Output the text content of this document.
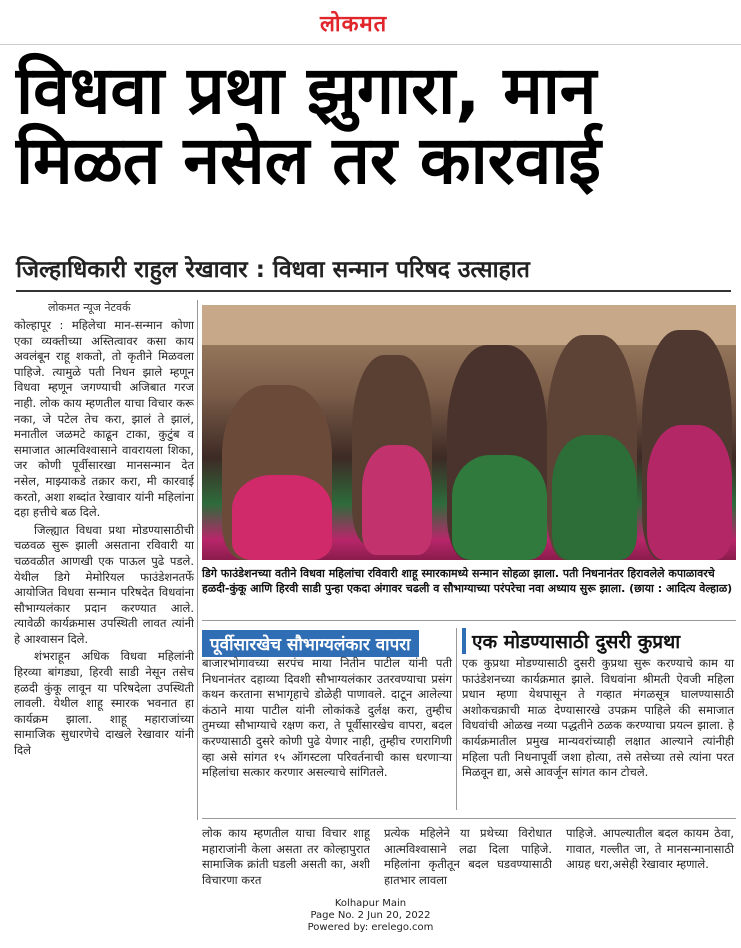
लोकमत
विधवा प्रथा झुगारा, मान मिळत नसेल तर कारवाई
जिल्हाधिकारी राहुल रेखावार : विधवा सन्मान परिषद उत्साहात
लोकमत न्यूज नेटवर्क

कोल्हापूर : महिलेचा मान-सन्मान कोणा एका व्यक्तीच्या अस्तित्वावर कसा काय अवलंबून राहू शकतो, तो कृतीने मिळवला पाहिजे. त्यामुळे पती निधन झाले म्हणून विधवा म्हणून जगण्याची अजिबात गरज नाही. लोक काय म्हणतील याचा विचार करू नका, जे पटेल तेच करा, झालं ते झालं, मनातील जळमटे काढून टाका, कुटुंब व समाजात आत्मविश्वासाने वावरायला शिका, जर कोणी पूर्वीसारखा मानसन्मान देत नसेल, माझ्याकडे तक्रार करा, मी कारवाई करतो, अशा शब्दांत रेखावार यांनी महिलांना दहा हत्तीचे बळ दिले.

जिल्ह्यात विधवा प्रथा मोडण्यासाठीची चळवळ सुरू झाली असताना रविवारी या चळवळीत आणखी एक पाऊल पुढे पडले. येथील डिगे मेमोरियल फाउंडेशनतर्फे आयोजित विधवा सन्मान परिषदेत विधवांना सौभाग्यलंकार प्रदान करण्यात आले. त्यावेळी कार्यक्रमास उपस्थिती लावत त्यांनी हे आश्वासन दिले.

शंभराहून अधिक विधवा महिलांनी हिरव्या बांगड्या, हिरवी साडी नेसून तसेच हळदी कुंकू लावून या परिषदेला उपस्थिती लावली. येथील शाहू स्मारक भवनात हा कार्यक्रम झाला. शाहू महाराजांच्या सामाजिक सुधारणेचे दाखले रेखावार यांनी दिले

डिगे फाउंडेशनच्या वतीने विधवा महिलांचा रविवारी शाहू स्मारकामध्ये सन्मान सोहळा झाला. पती निधनानंतर हिरावलेले कपाळावरचे हळदी-कुंकू आणि हिरवी साडी पुन्हा एकदा अंगावर चढली व सौभाग्याच्या परंपरेचा नवा अध्याय सुरू झाला. (छाया : आदित्य वेल्हाळ)
पूर्वीसारखेच सौभाग्यलंकार वापरा
बाजारभोगावच्या सरपंच माया नितीन पाटील यांनी पती निधनानंतर दहाव्या दिवशी सौभाग्यलंकार उतरवण्याचा प्रसंग कथन करताना सभागृहाचे डोळेही पाणावले. दाटून आलेल्या कंठाने माया पाटील यांनी लोकांकडे दुर्लक्ष करा, तुम्हीच तुमच्या सौभाग्याचे रक्षण करा, ते पूर्वीसारखेच वापरा, बदल करण्यासाठी दुसरे कोणी पुढे येणार नाही, तुम्हीच रणरागिणी व्हा असे सांगत १५ ऑगस्टला परिवर्तनाची कास धरणाऱ्या महिलांचा सत्कार करणार असल्याचे सांगितले.
एक मोडण्यासाठी दुसरी कुप्रथा
एक कुप्रथा मोडण्यासाठी दुसरी कुप्रथा सुरू करण्याचे काम या फाउंडेशनच्या कार्यक्रमात झाले. विधवांना श्रीमती ऐवजी महिला प्रधान म्हणा येथपासून ते गव्हात मंगळसूत्र घालण्यासाठी अशोकचक्राची माळ देण्यासारखे उपक्रम पाहिले की समाजात विधवांची ओळख नव्या पद्धतीने ठळक करण्याचा प्रयत्न झाला. हे कार्यक्रमातील प्रमुख मान्यवरांच्याही लक्षात आल्याने त्यांनीही महिला पती निधनापूर्वी जशा होत्या, तसे तसेच्या तसे त्यांना परत मिळवून द्या, असे आवर्जून सांगत कान टोचले.
लोक काय म्हणतील याचा विचार शाहू महाराजांनी केला असता तर कोल्हापुरात सामाजिक क्रांती घडली असती का, अशी विचारणा करत
प्रत्येक महिलेने या प्रथेच्या विरोधात आत्मविश्वासाने लढा दिला पाहिजे. महिलांना कृतीतून बदल घडवण्यासाठी हातभार लावला
पाहिजे. आपल्यातील बदल कायम ठेवा, गावात, गल्लीत जा, ते मानसन्मानासाठी आग्रह धरा,असेही रेखावार म्हणाले.
Kolhapur Main
Page No. 2 Jun 20, 2022
Powered by: erelego.com
